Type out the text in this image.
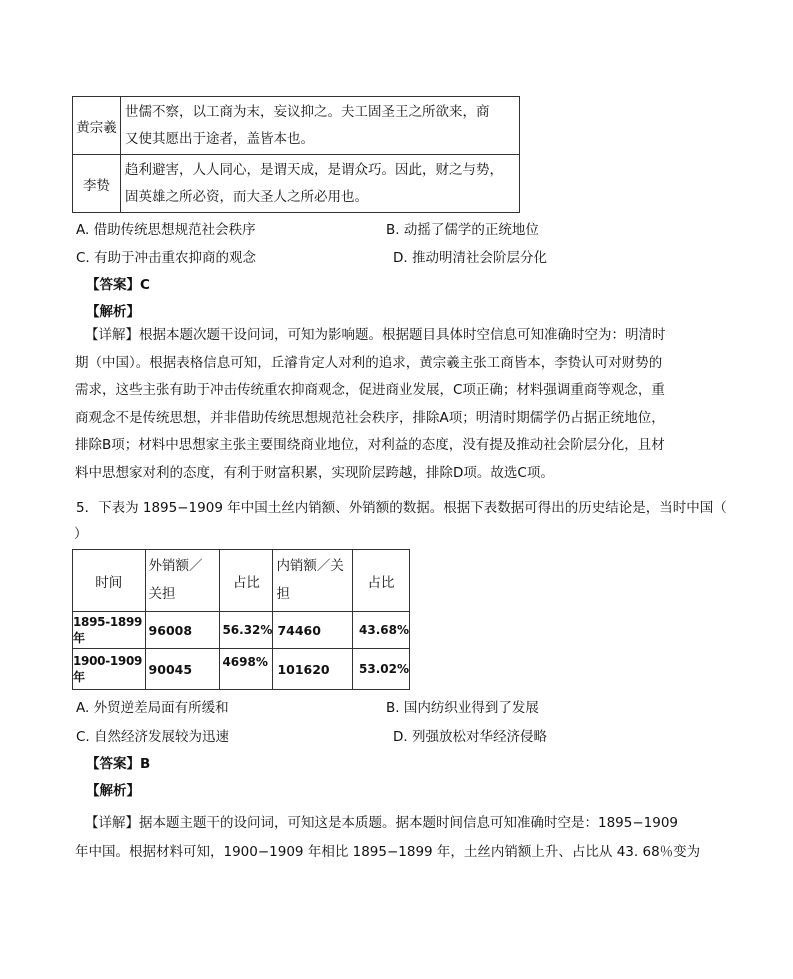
黄宗羲	世儒不察，以工商为末，妄议抑之。夫工固圣王之所欲来，商
又使其愿出于途者，盖皆本也。

李贽	趋利避害，人人同心，是谓天成，是谓众巧。因此，财之与势，
固英雄之所必资，而大圣人之所必用也。
A. 借助传统思想规范社会秩序	B. 动摇了儒学的正统地位
C. 有助于冲击重农抑商的观念	D. 推动明清社会阶层分化
【答案】C
【解析】
【详解】根据本题次题干设问词，可知为影响题。根据题目具体时空信息可知准确时空为：明清时
期（中国）。根据表格信息可知，丘濬肯定人对利的追求，黄宗羲主张工商皆本，李贽认可对财势的
需求，这些主张有助于冲击传统重农抑商观念，促进商业发展，C项正确；材料强调重商等观念，重
商观念不是传统思想，并非借助传统思想规范社会秩序，排除A项；明清时期儒学仍占据正统地位，
排除B项；材料中思想家主张主要围绕商业地位，对利益的态度，没有提及推动社会阶层分化，且材
料中思想家对利的态度，有利于财富积累，实现阶层跨越，排除D项。故选C项。
5．下表为 1895−1909 年中国土丝内销额、外销额的数据。根据下表数据可得出的历史结论是，当时中国（
）
时间	外销额／
关担	占比	内销额／关
担	占比
1895-1899 年	96008	56.32%	74460	43.68%
1900-1909 年	90045	4698%	101620	53.02%
A. 外贸逆差局面有所缓和	B. 国内纺织业得到了发展
C. 自然经济发展较为迅速	D. 列强放松对华经济侵略
【答案】B
【解析】
【详解】据本题主题干的设问词，可知这是本质题。据本题时间信息可知准确时空是：1895−1909
年中国。根据材料可知，1900−1909 年相比 1895−1899 年，土丝内销额上升、占比从 43. 68％变为
